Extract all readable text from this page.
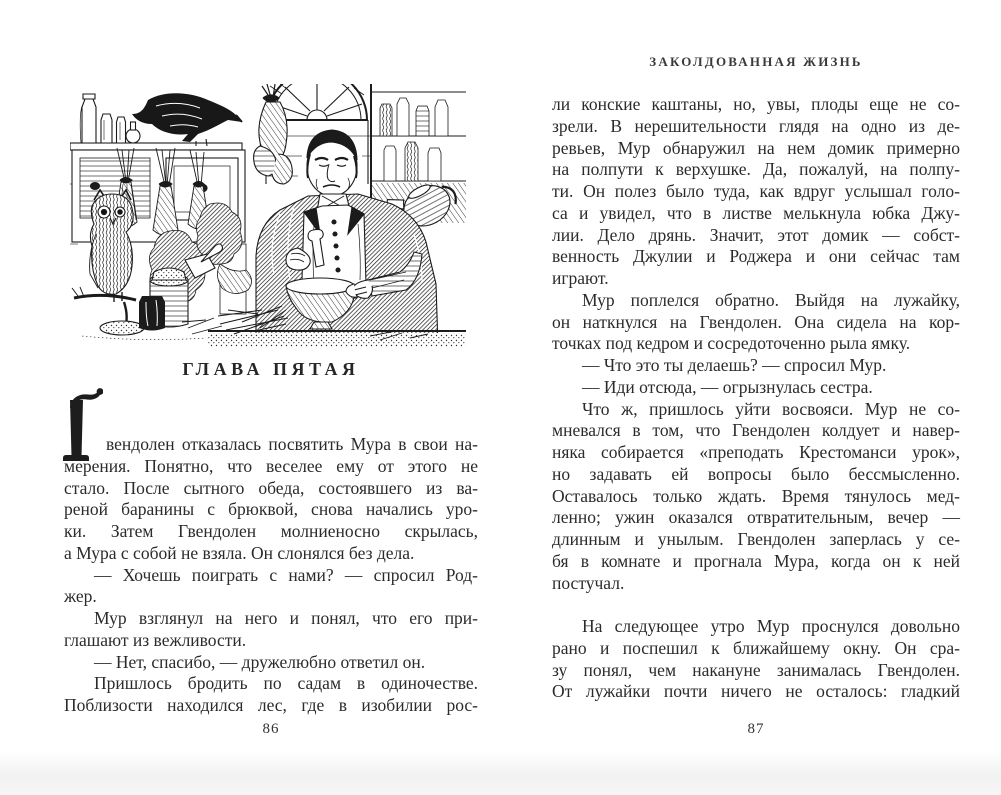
ЗАКОЛДОВАННАЯ ЖИЗНЬ
ГЛАВА ПЯТАЯ
вендолен отказалась посвятить Мура в свои на-
мерения. Понятно, что веселее ему от этого не
стало. После сытного обеда, состоявшего из ва-
реной баранины с брюквой, снова начались уро-
ки. Затем Гвендолен молниеносно скрылась,
а Мура с собой не взяла. Он слонялся без дела.
— Хочешь поиграть с нами? — спросил Род-
жер.
Мур взглянул на него и понял, что его при-
глашают из вежливости.
— Нет, спасибо, — дружелюбно ответил он.
Пришлось бродить по садам в одиночестве.
Поблизости находился лес, где в изобилии рос-
ли конские каштаны, но, увы, плоды еще не со-
зрели. В нерешительности глядя на одно из де-
ревьев, Мур обнаружил на нем домик примерно
на полпути к верхушке. Да, пожалуй, на полпу-
ти. Он полез было туда, как вдруг услышал голо-
са и увидел, что в листве мелькнула юбка Джу-
лии. Дело дрянь. Значит, этот домик — собст-
венность Джулии и Роджера и они сейчас там
играют.
Мур поплелся обратно. Выйдя на лужайку,
он наткнулся на Гвендолен. Она сидела на кор-
точках под кедром и сосредоточенно рыла ямку.
— Что это ты делаешь? — спросил Мур.
— Иди отсюда, — огрызнулась сестра.
Что ж, пришлось уйти восвояси. Мур не со-
мневался в том, что Гвендолен колдует и навер-
няка собирается «преподать Крестоманси урок»,
но задавать ей вопросы было бессмысленно.
Оставалось только ждать. Время тянулось мед-
ленно; ужин оказался отвратительным, вечер —
длинным и унылым. Гвендолен заперлась у се-
бя в комнате и прогнала Мура, когда он к ней
постучал.
На следующее утро Мур проснулся довольно
рано и поспешил к ближайшему окну. Он сра-
зу понял, чем накануне занималась Гвендолен.
От лужайки почти ничего не осталось: гладкий
86	87
